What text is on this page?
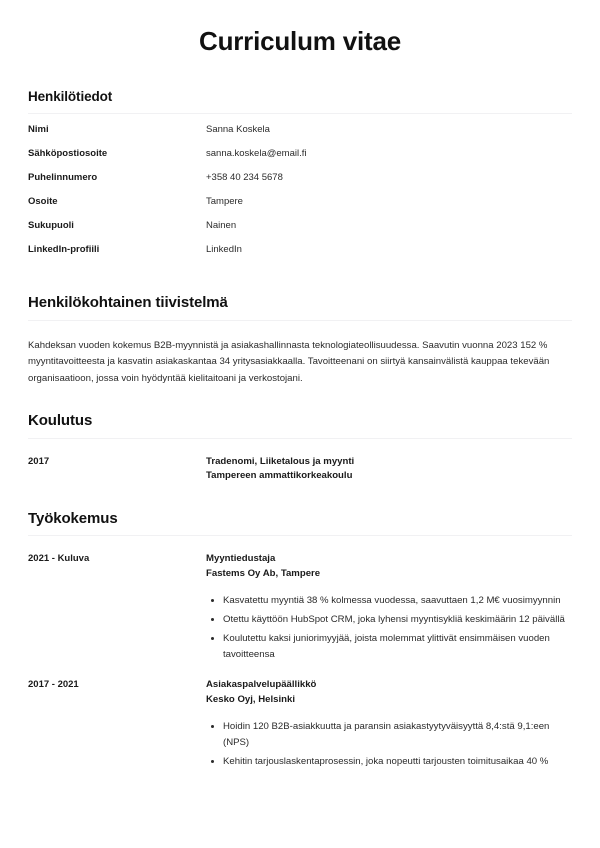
Curriculum vitae
Henkilötiedot
Nimi	Sanna Koskela
Sähköpostiosoite	sanna.koskela@email.fi
Puhelinnumero	+358 40 234 5678
Osoite	Tampere
Sukupuoli	Nainen
LinkedIn-profiili	LinkedIn
Henkilökohtainen tiivistelmä

Kahdeksan vuoden kokemus B2B-myynnistä ja asiakashallinnasta teknologiateollisuudessa. Saavutin vuonna 2023 152 % myyntitavoitteesta ja kasvatin asiakaskantaa 34 yritysasiakkaalla. Tavoitteenani on siirtyä kansainvälistä kauppaa tekevään organisaatioon, jossa voin hyödyntää kielitaitoani ja verkostojani.

Koulutus
2017	Tradenomi, Liiketalous ja myynti
Tampereen ammattikorkeakoulu
Työkokemus
2021 - Kuluva	Myyntiedustaja
Fastems Oy Ab, Tampere
Kasvatettu myyntiä 38 % kolmessa vuodessa, saavuttaen 1,2 M€ vuosimyynnin
Otettu käyttöön HubSpot CRM, joka lyhensi myyntisykliä keskimäärin 12 päivällä
Koulutettu kaksi juniorimyyjää, joista molemmat ylittivät ensimmäisen vuoden tavoitteensa
2017 - 2021	Asiakaspalvelupäällikkö
Kesko Oyj, Helsinki
Hoidin 120 B2B-asiakkuutta ja paransin asiakastyytyväisyyttä 8,4:stä 9,1:een (NPS)
Kehitin tarjouslaskentaprosessin, joka nopeutti tarjousten toimitusaikaa 40 %
